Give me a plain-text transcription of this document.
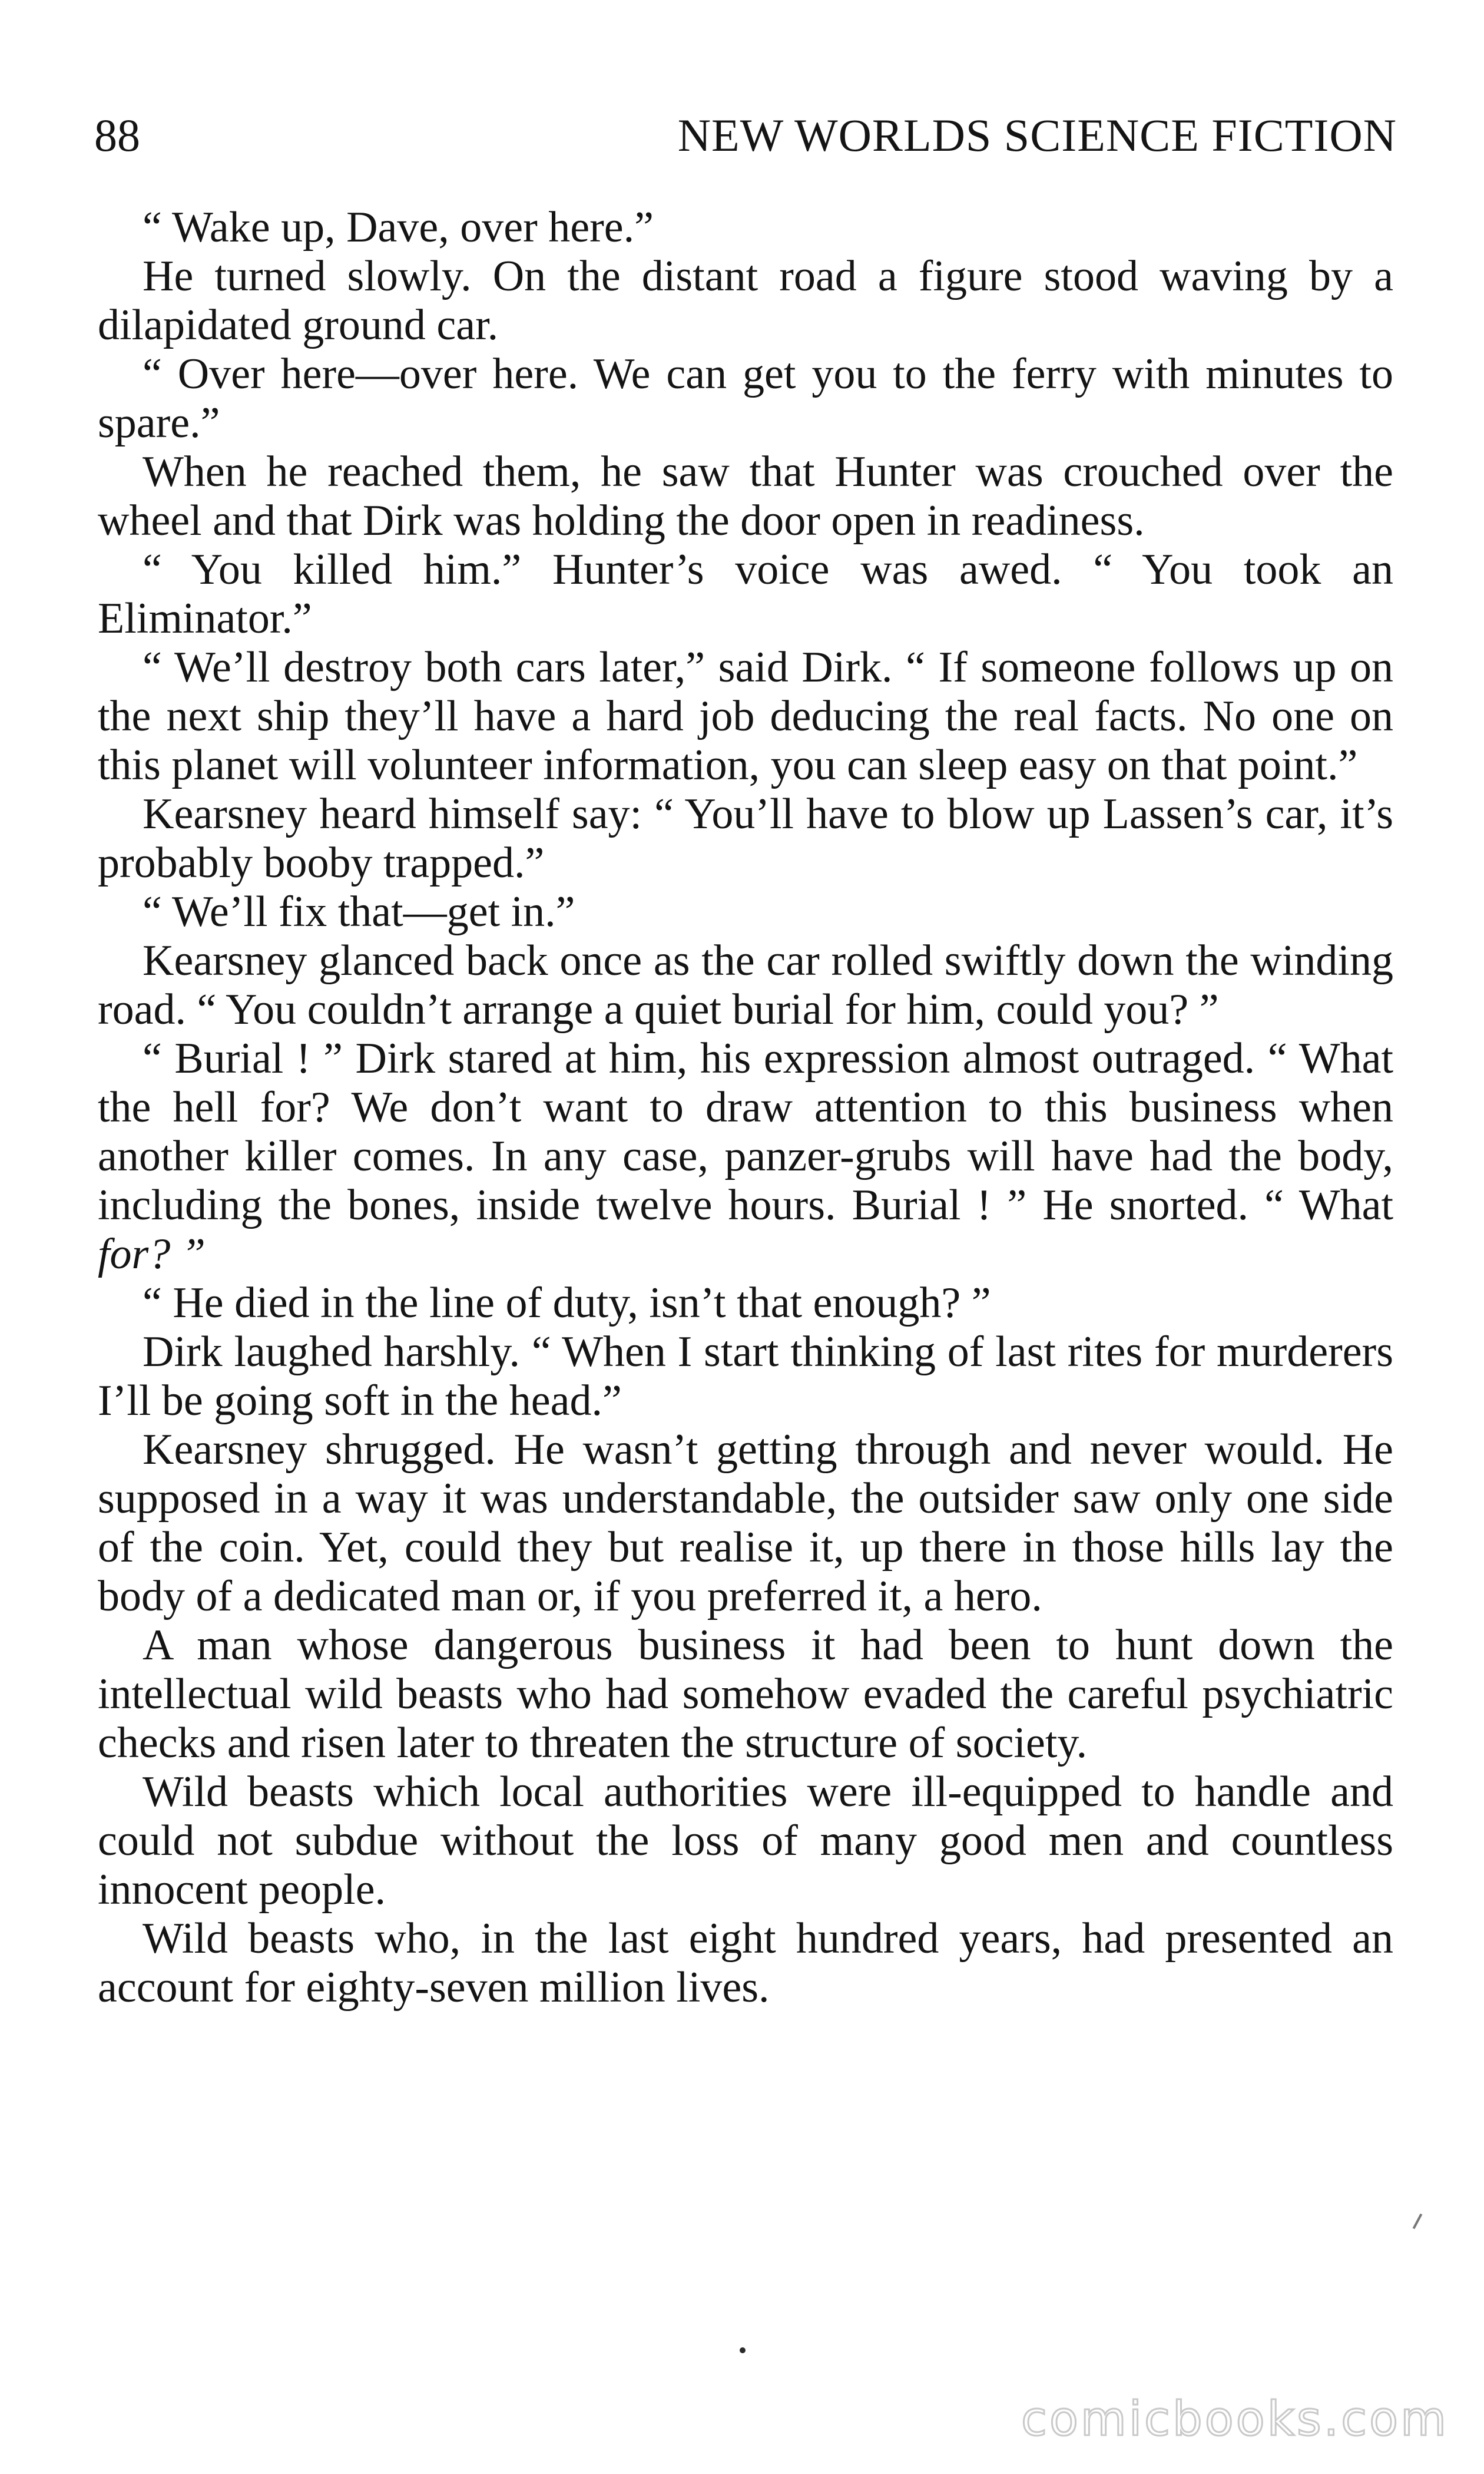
88	NEW WORLDS SCIENCE FICTION

“ Wake up, Dave, over here.”

He turned slowly. On the distant road a figure stood waving by a dilapidated ground car.

“ Over here—over here. We can get you to the ferry with minutes to spare.”

When he reached them, he saw that Hunter was crouched over the wheel and that Dirk was holding the door open in readiness.

“ You killed him.” Hunter’s voice was awed. “ You took an Eliminator.”

“ We’ll destroy both cars later,” said Dirk. “ If someone follows up on the next ship they’ll have a hard job deducing the real facts. No one on this planet will volunteer information, you can sleep easy on that point.”

Kearsney heard himself say: “ You’ll have to blow up Lassen’s car, it’s probably booby trapped.”

“ We’ll fix that—get in.”

Kearsney glanced back once as the car rolled swiftly down the winding road. “ You couldn’t arrange a quiet burial for him, could you? ”

“ Burial ! ” Dirk stared at him, his expression almost outraged. “ What the hell for? We don’t want to draw attention to this business when another killer comes. In any case, panzer-grubs will have had the body, including the bones, inside twelve hours. Burial ! ” He snorted. “ What for? ”

“ He died in the line of duty, isn’t that enough? ”

Dirk laughed harshly. “ When I start thinking of last rites for murderers I’ll be going soft in the head.”

Kearsney shrugged. He wasn’t getting through and never would. He supposed in a way it was understandable, the outsider saw only one side of the coin. Yet, could they but realise it, up there in those hills lay the body of a dedicated man or, if you preferred it, a hero.

A man whose dangerous business it had been to hunt down the intellectual wild beasts who had somehow evaded the careful psychiatric checks and risen later to threaten the structure of society.

Wild beasts which local authorities were ill-equipped to handle and could not subdue without the loss of many good men and countless innocent people.

Wild beasts who, in the last eight hundred years, had presented an account for eighty-seven million lives.

comicbooks.com
